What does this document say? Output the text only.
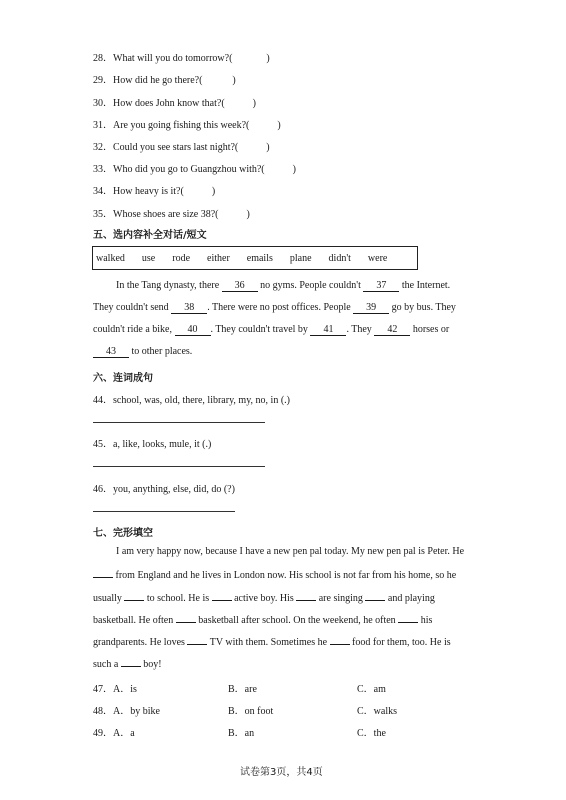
28．What will you do tomorrow?(	)
29．How did he go there?(	)
30．How does John know that?(	)
31．Are you going fishing this week?(	)
32．Could you see stars last night?(	)
33．Who did you go to Guangzhou with?(	)
34．How heavy is it?(	)
35．Whose shoes are size 38?(	)
五、选内容补全对话/短文
walked use rode either emails plane didn't were
In the Tang dynasty, there 36 no gyms. People couldn't 37 the Internet.
They couldn't send 38 . There were no post offices. People 39 go by bus. They
couldn't ride a bike, 40 . They couldn't travel by 41 . They 42 horses or
43 to other places.
六、连词成句
44．school, was, old, there, library, my, no, in (.)
45．a, like, looks, mule, it (.)
46．you, anything, else, did, do (?)
七、完形填空
I am very happy now, because I have a new pen pal today. My new pen pal is Peter. He
from England and he lives in London now. His school is not far from his home, so he
usually  to school. He is  active boy. His  are singing  and playing
basketball. He often  basketball after school. On the weekend, he often  his
grandparents. He loves  TV with them. Sometimes he  food for them, too. He is
such a  boy!
47．A．is	B．are	C．am
48．A．by bike	B．on foot	C．walks
49．A．a	B．an	C．the
试卷第3页，共4页
